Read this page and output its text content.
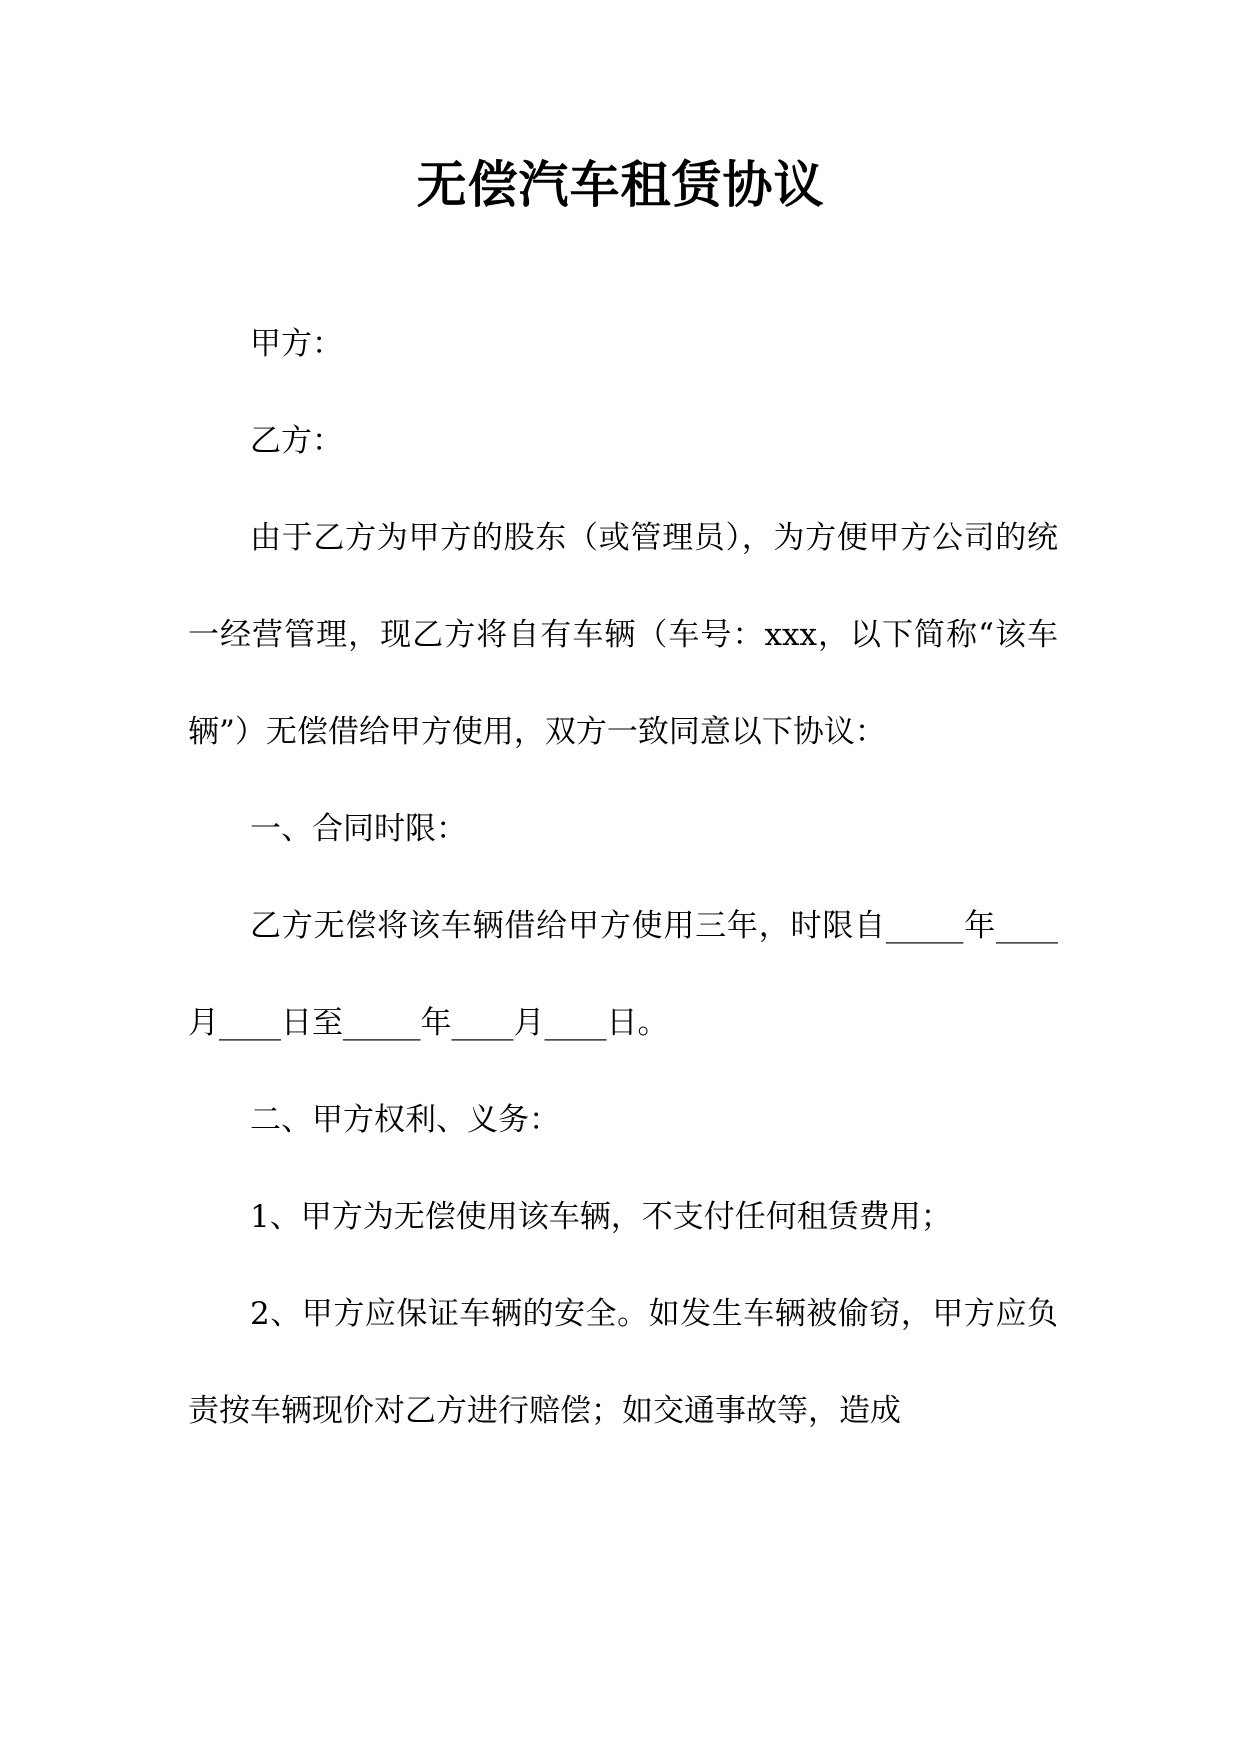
无偿汽车租赁协议

甲方：

乙方：

由于乙方为甲方的股东（或管理员），为方便甲方公司的统一经营管理，现乙方将自有车辆（车号：xxx，以下简称“该车辆”）无偿借给甲方使用，双方一致同意以下协议：

一、合同时限：

乙方无偿将该车辆借给甲方使用三年，时限自_____年____月____日至_____年____月____日。

二、甲方权利、义务：

1、甲方为无偿使用该车辆，不支付任何租赁费用；

2、甲方应保证车辆的安全。如发生车辆被偷窃，甲方应负责按车辆现价对乙方进行赔偿；如交通事故等，造成
